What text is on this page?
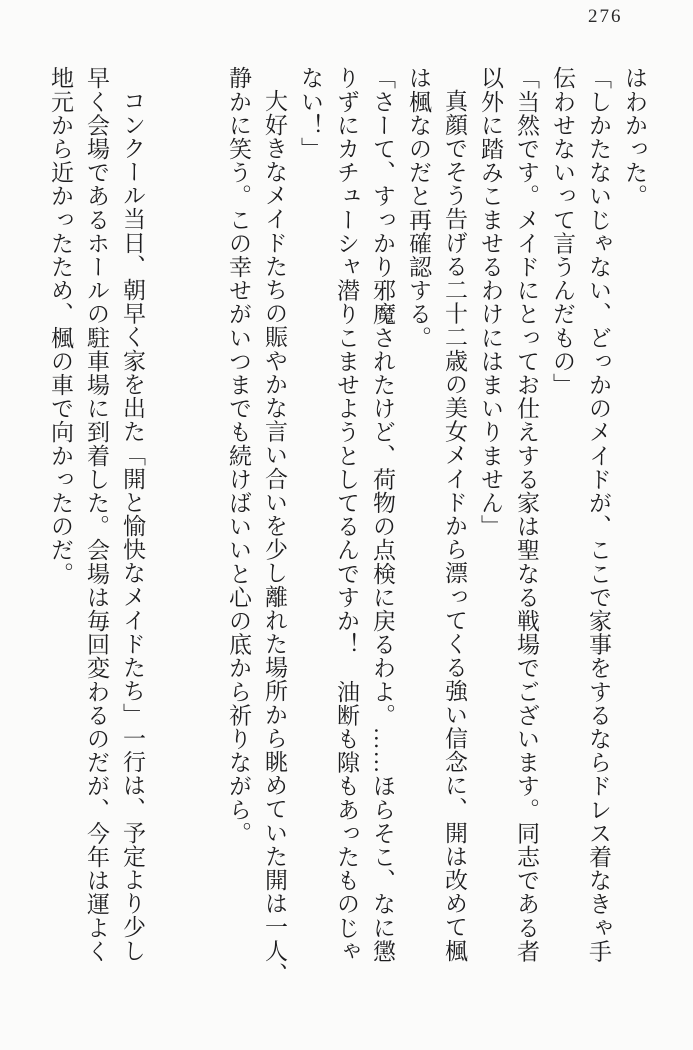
276

はわかった。

「しかたないじゃない、どっかのメイドが、ここで家事をするならドレス着なきゃ手

伝わせないって言うんだもの」

「当然です。メイドにとってお仕えする家は聖なる戦場でございます。同志である者

以外に踏みこませるわけにはまいりません」

真顔でそう告げる二十二歳の美女メイドから漂ってくる強い信念に、開は改めて楓

は楓なのだと再確認する。

「さーて、すっかり邪魔されたけど、荷物の点検に戻るわよ。……ほらそこ、なに懲

りずにカチューシャ潜りこませようとしてるんですか！　油断も隙もあったものじゃ

ない！」

大好きなメイドたちの賑やかな言い合いを少し離れた場所から眺めていた開は一人、

静かに笑う。この幸せがいつまでも続けばいいと心の底から祈りながら。

コンクール当日、朝早く家を出た「開と愉快なメイドたち」一行は、予定より少し

早く会場であるホールの駐車場に到着した。会場は毎回変わるのだが、今年は運よく

地元から近かったため、楓の車で向かったのだ。
